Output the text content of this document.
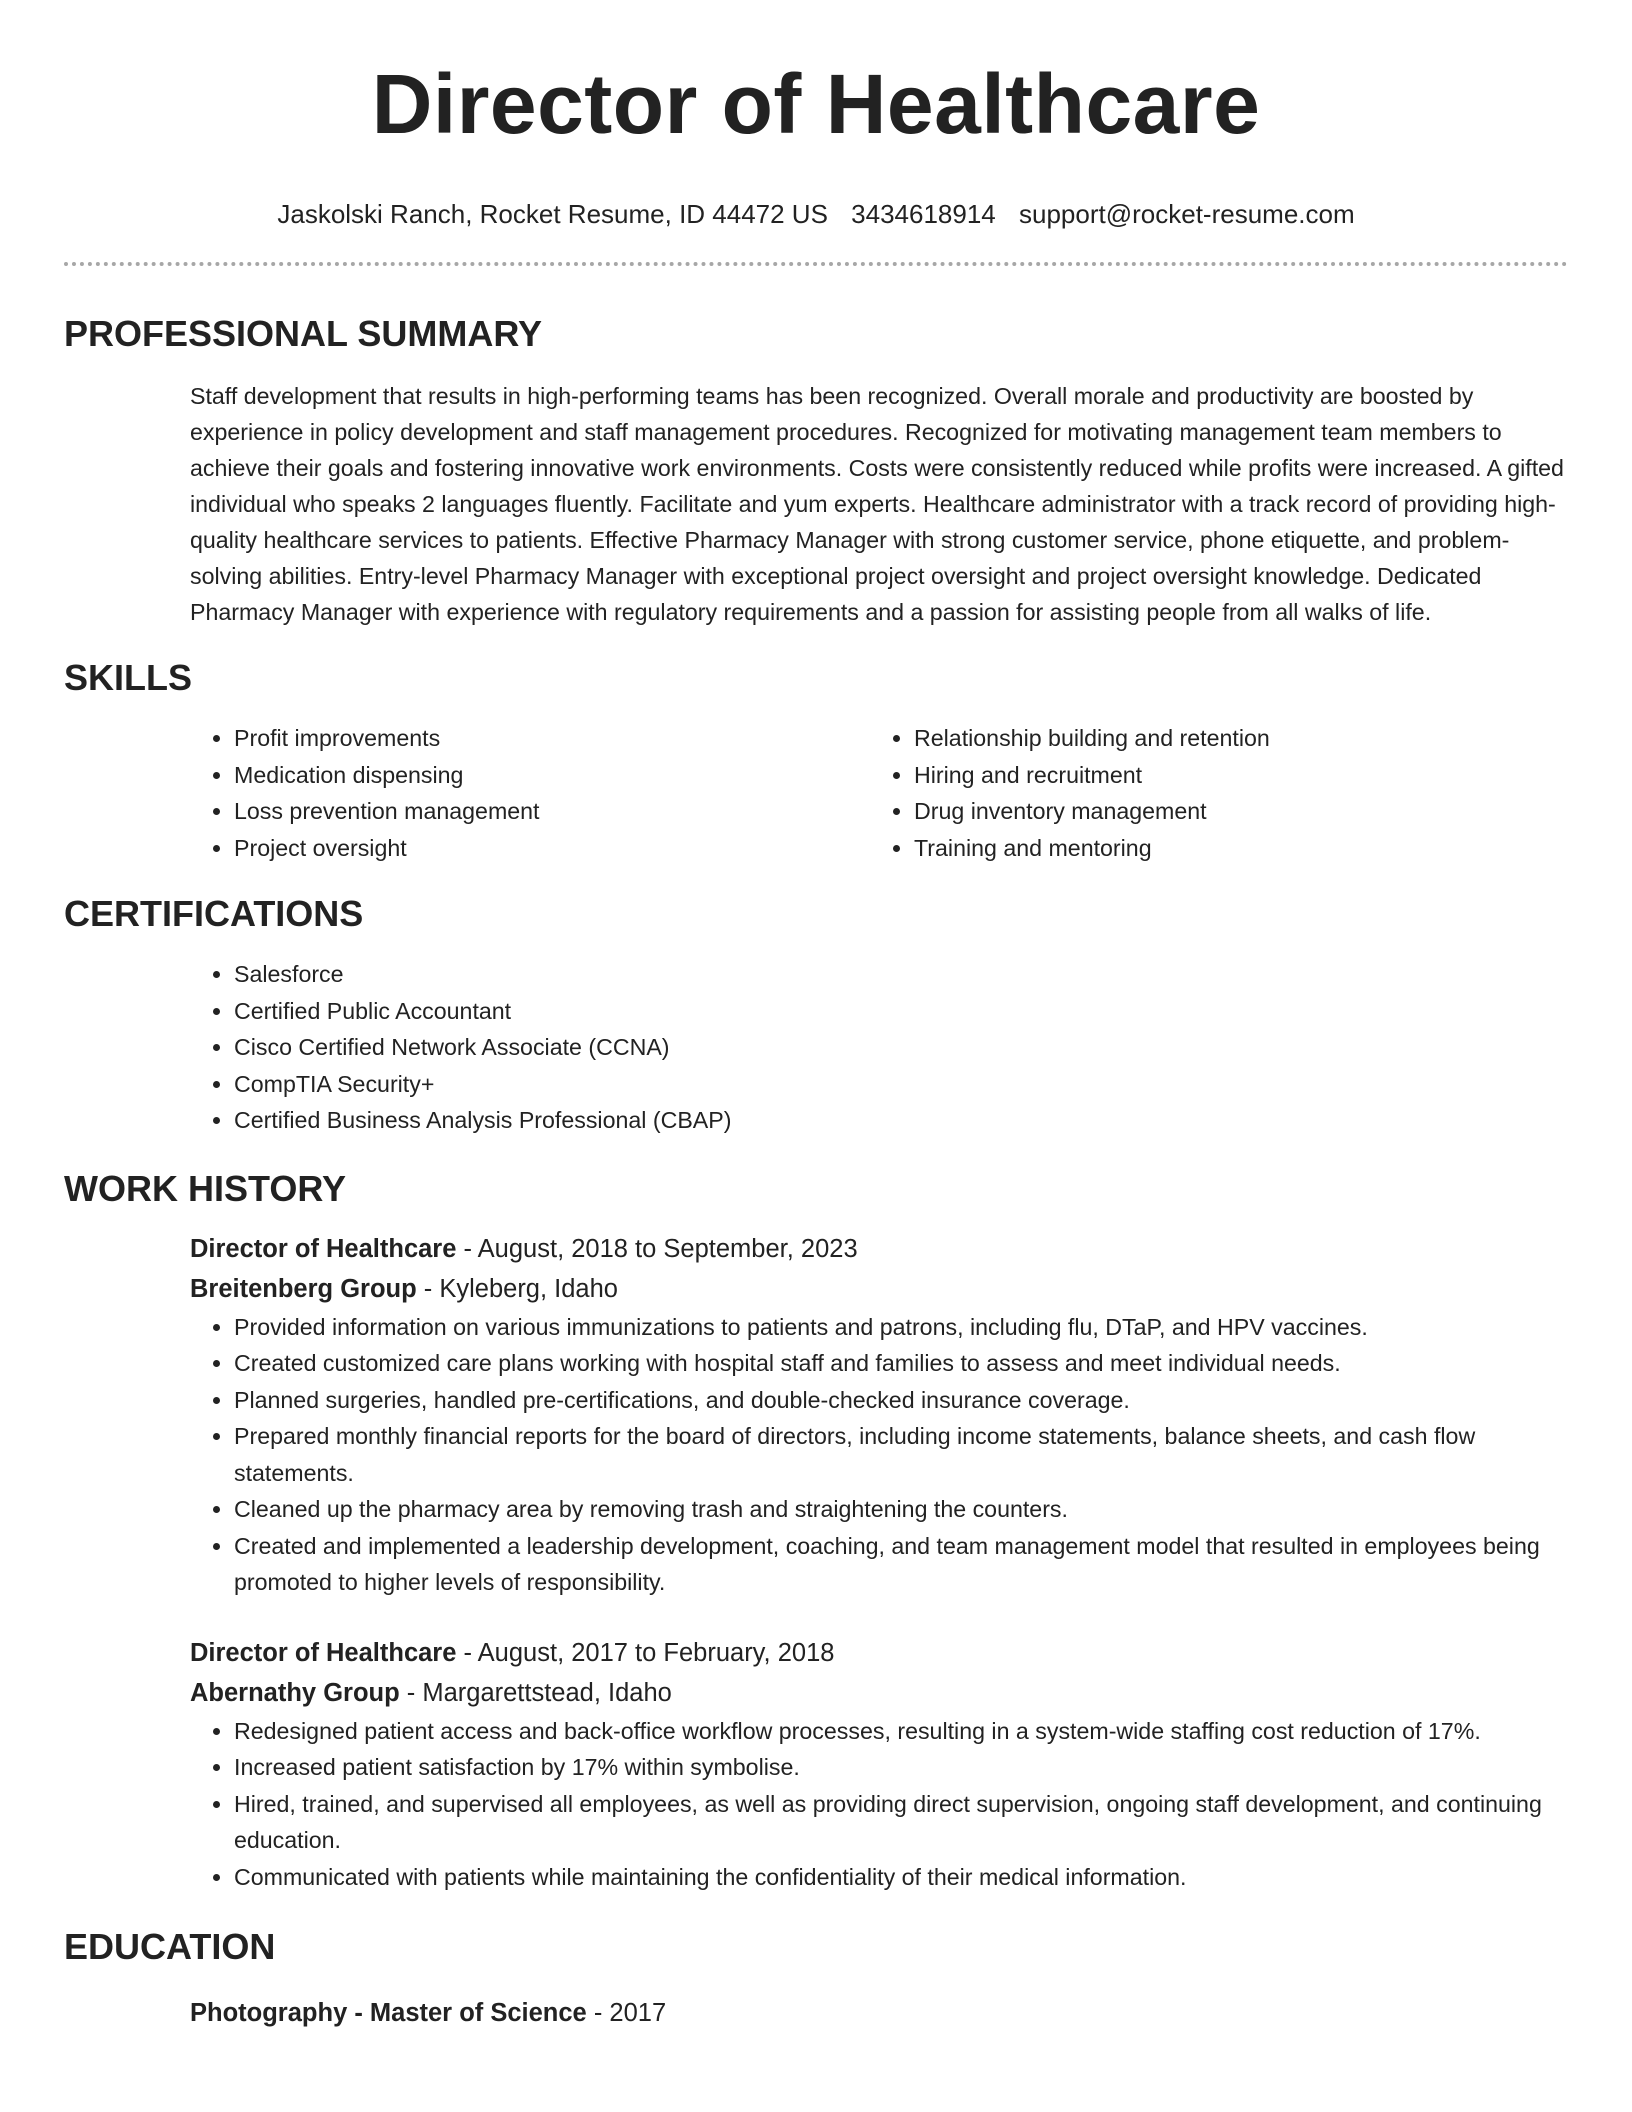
Director of Healthcare
Jaskolski Ranch, Rocket Resume, ID 44472 US 3434618914 support@rocket-resume.com
PROFESSIONAL SUMMARY
Staff development that results in high-performing teams has been recognized. Overall morale and productivity are boosted by experience in policy development and staff management procedures. Recognized for motivating management team members to achieve their goals and fostering innovative work environments. Costs were consistently reduced while profits were increased. A gifted individual who speaks 2 languages fluently. Facilitate and yum experts. Healthcare administrator with a track record of providing high-quality healthcare services to patients. Effective Pharmacy Manager with strong customer service, phone etiquette, and problem-solving abilities. Entry-level Pharmacy Manager with exceptional project oversight and project oversight knowledge. Dedicated Pharmacy Manager with experience with regulatory requirements and a passion for assisting people from all walks of life.
SKILLS
• Profit improvements
• Medication dispensing
• Loss prevention management
• Project oversight
• Relationship building and retention
• Hiring and recruitment
• Drug inventory management
• Training and mentoring
CERTIFICATIONS
• Salesforce
• Certified Public Accountant
• Cisco Certified Network Associate (CCNA)
• CompTIA Security+
• Certified Business Analysis Professional (CBAP)
WORK HISTORY
Director of Healthcare - August, 2018 to September, 2023
Breitenberg Group - Kyleberg, Idaho
• Provided information on various immunizations to patients and patrons, including flu, DTaP, and HPV vaccines.
• Created customized care plans working with hospital staff and families to assess and meet individual needs.
• Planned surgeries, handled pre-certifications, and double-checked insurance coverage.
• Prepared monthly financial reports for the board of directors, including income statements, balance sheets, and cash flow statements.
• Cleaned up the pharmacy area by removing trash and straightening the counters.
• Created and implemented a leadership development, coaching, and team management model that resulted in employees being promoted to higher levels of responsibility.
Director of Healthcare - August, 2017 to February, 2018
Abernathy Group - Margarettstead, Idaho
• Redesigned patient access and back-office workflow processes, resulting in a system-wide staffing cost reduction of 17%.
• Increased patient satisfaction by 17% within symbolise.
• Hired, trained, and supervised all employees, as well as providing direct supervision, ongoing staff development, and continuing education.
• Communicated with patients while maintaining the confidentiality of their medical information.
EDUCATION
Photography - Master of Science - 2017
